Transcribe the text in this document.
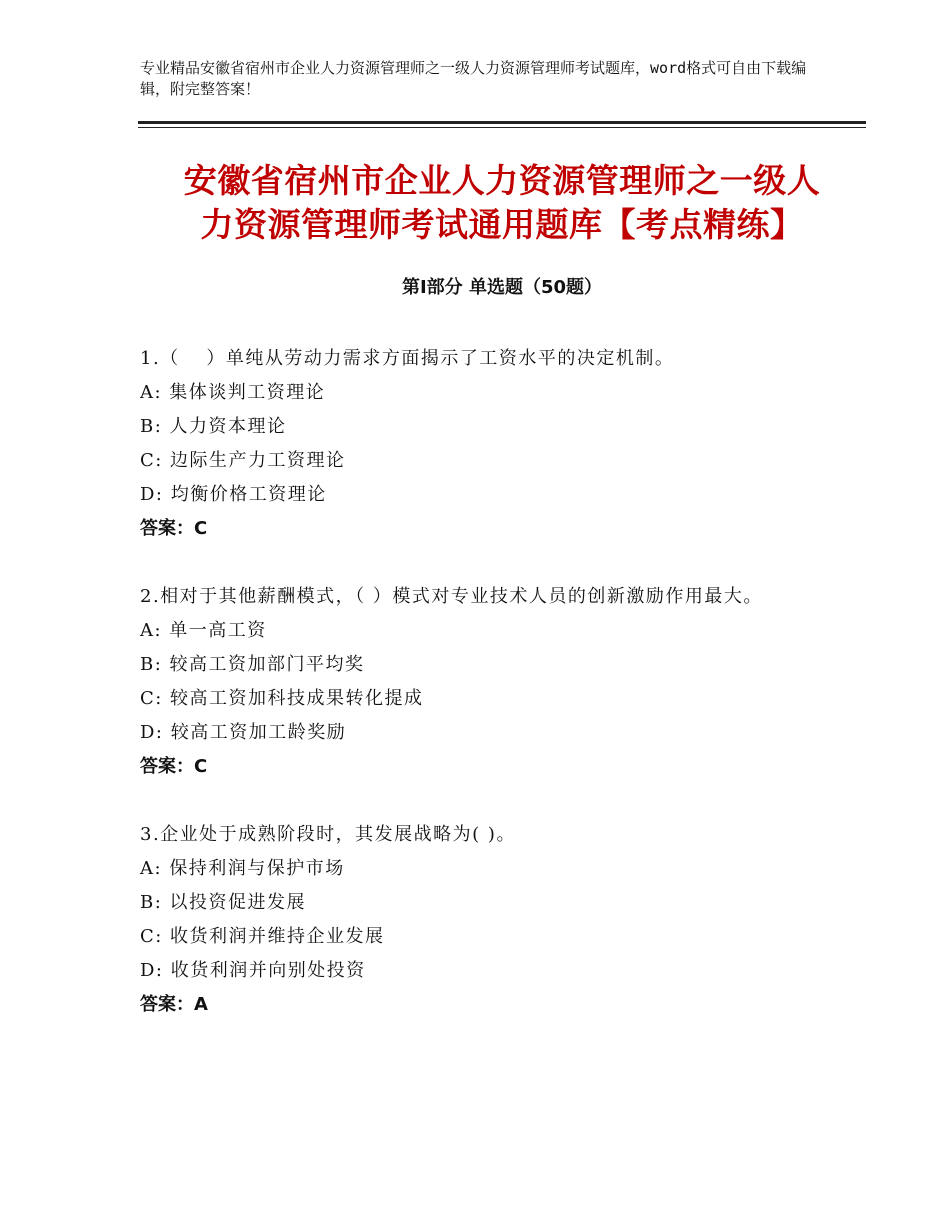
专业精品安徽省宿州市企业人力资源管理师之一级人力资源管理师考试题库，word格式可自由下载编辑，附完整答案！
安徽省宿州市企业人力资源管理师之一级人
力资源管理师考试通用题库【考点精练】
第Ⅰ部分 单选题（50题）
1.（　 ）单纯从劳动力需求方面揭示了工资水平的决定机制。
A: 集体谈判工资理论
B: 人力资本理论
C: 边际生产力工资理论
D: 均衡价格工资理论
答案：C
2.相对于其他薪酬模式，（ ）模式对专业技术人员的创新激励作用最大。
A: 单一高工资
B: 较高工资加部门平均奖
C: 较高工资加科技成果转化提成
D: 较高工资加工龄奖励
答案：C
3.企业处于成熟阶段时，其发展战略为( )。
A: 保持利润与保护市场
B: 以投资促进发展
C: 收货利润并维持企业发展
D: 收货利润并向别处投资
答案：A
